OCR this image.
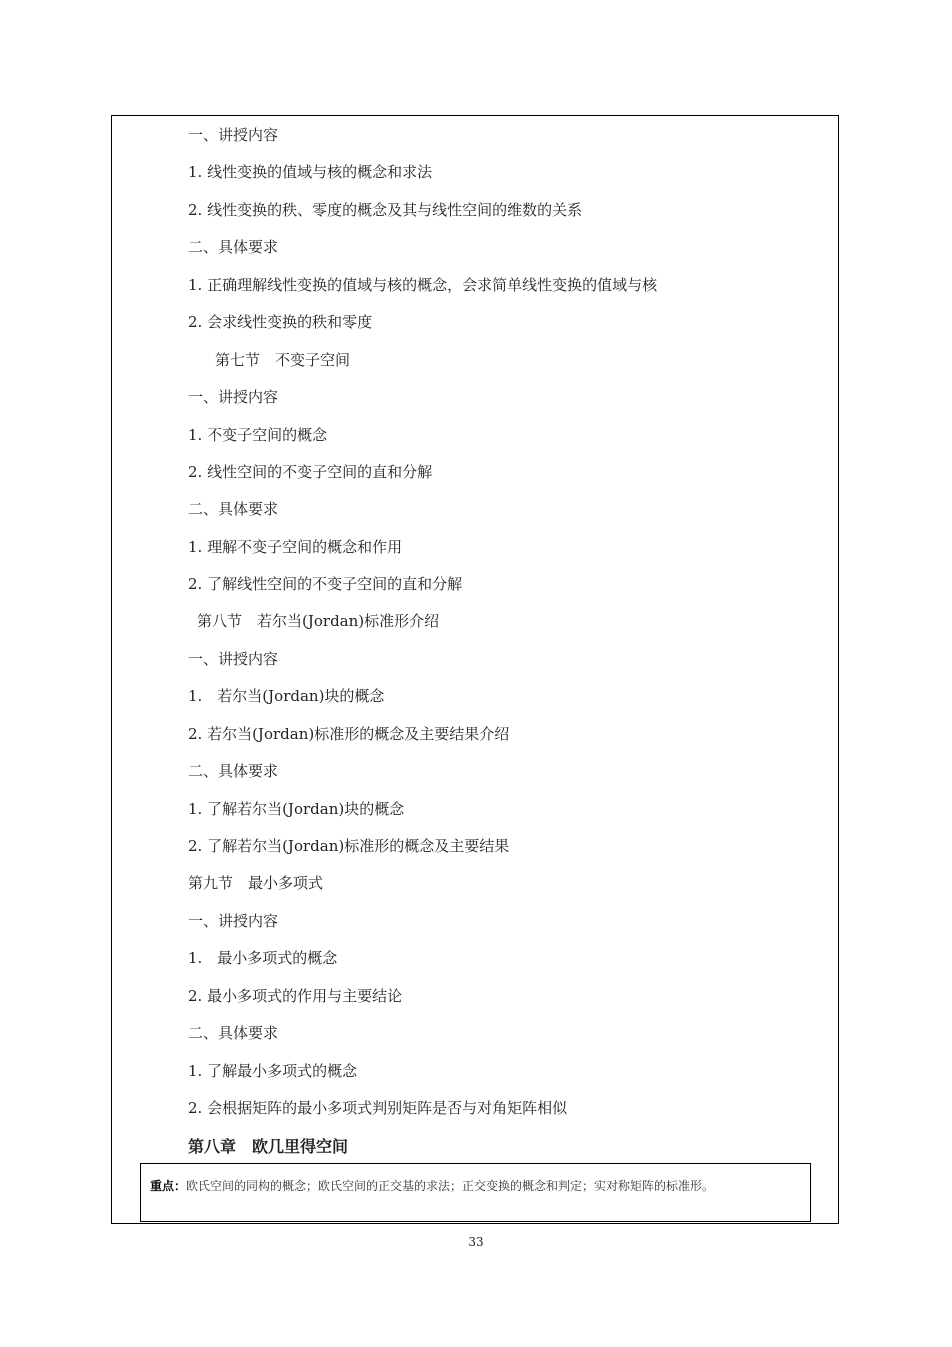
一、讲授内容
1. 线性变换的值域与核的概念和求法
2. 线性变换的秩、零度的概念及其与线性空间的维数的关系
二、具体要求
1. 正确理解线性变换的值域与核的概念，会求简单线性变换的值域与核
2. 会求线性变换的秩和零度
第七节　不变子空间
一、讲授内容
1. 不变子空间的概念
2. 线性空间的不变子空间的直和分解
二、具体要求
1. 理解不变子空间的概念和作用
2. 了解线性空间的不变子空间的直和分解
第八节　若尔当(Jordan)标准形介绍
一、讲授内容
1.　若尔当(Jordan)块的概念
2. 若尔当(Jordan)标准形的概念及主要结果介绍
二、具体要求
1. 了解若尔当(Jordan)块的概念
2. 了解若尔当(Jordan)标准形的概念及主要结果
第九节　最小多项式
一、讲授内容
1.　最小多项式的概念
2. 最小多项式的作用与主要结论
二、具体要求
1. 了解最小多项式的概念
2. 会根据矩阵的最小多项式判别矩阵是否与对角矩阵相似
第八章　欧几里得空间
重点：欧氏空间的同构的概念；欧氏空间的正交基的求法；正交变换的概念和判定；实对称矩阵的标准形。
33
